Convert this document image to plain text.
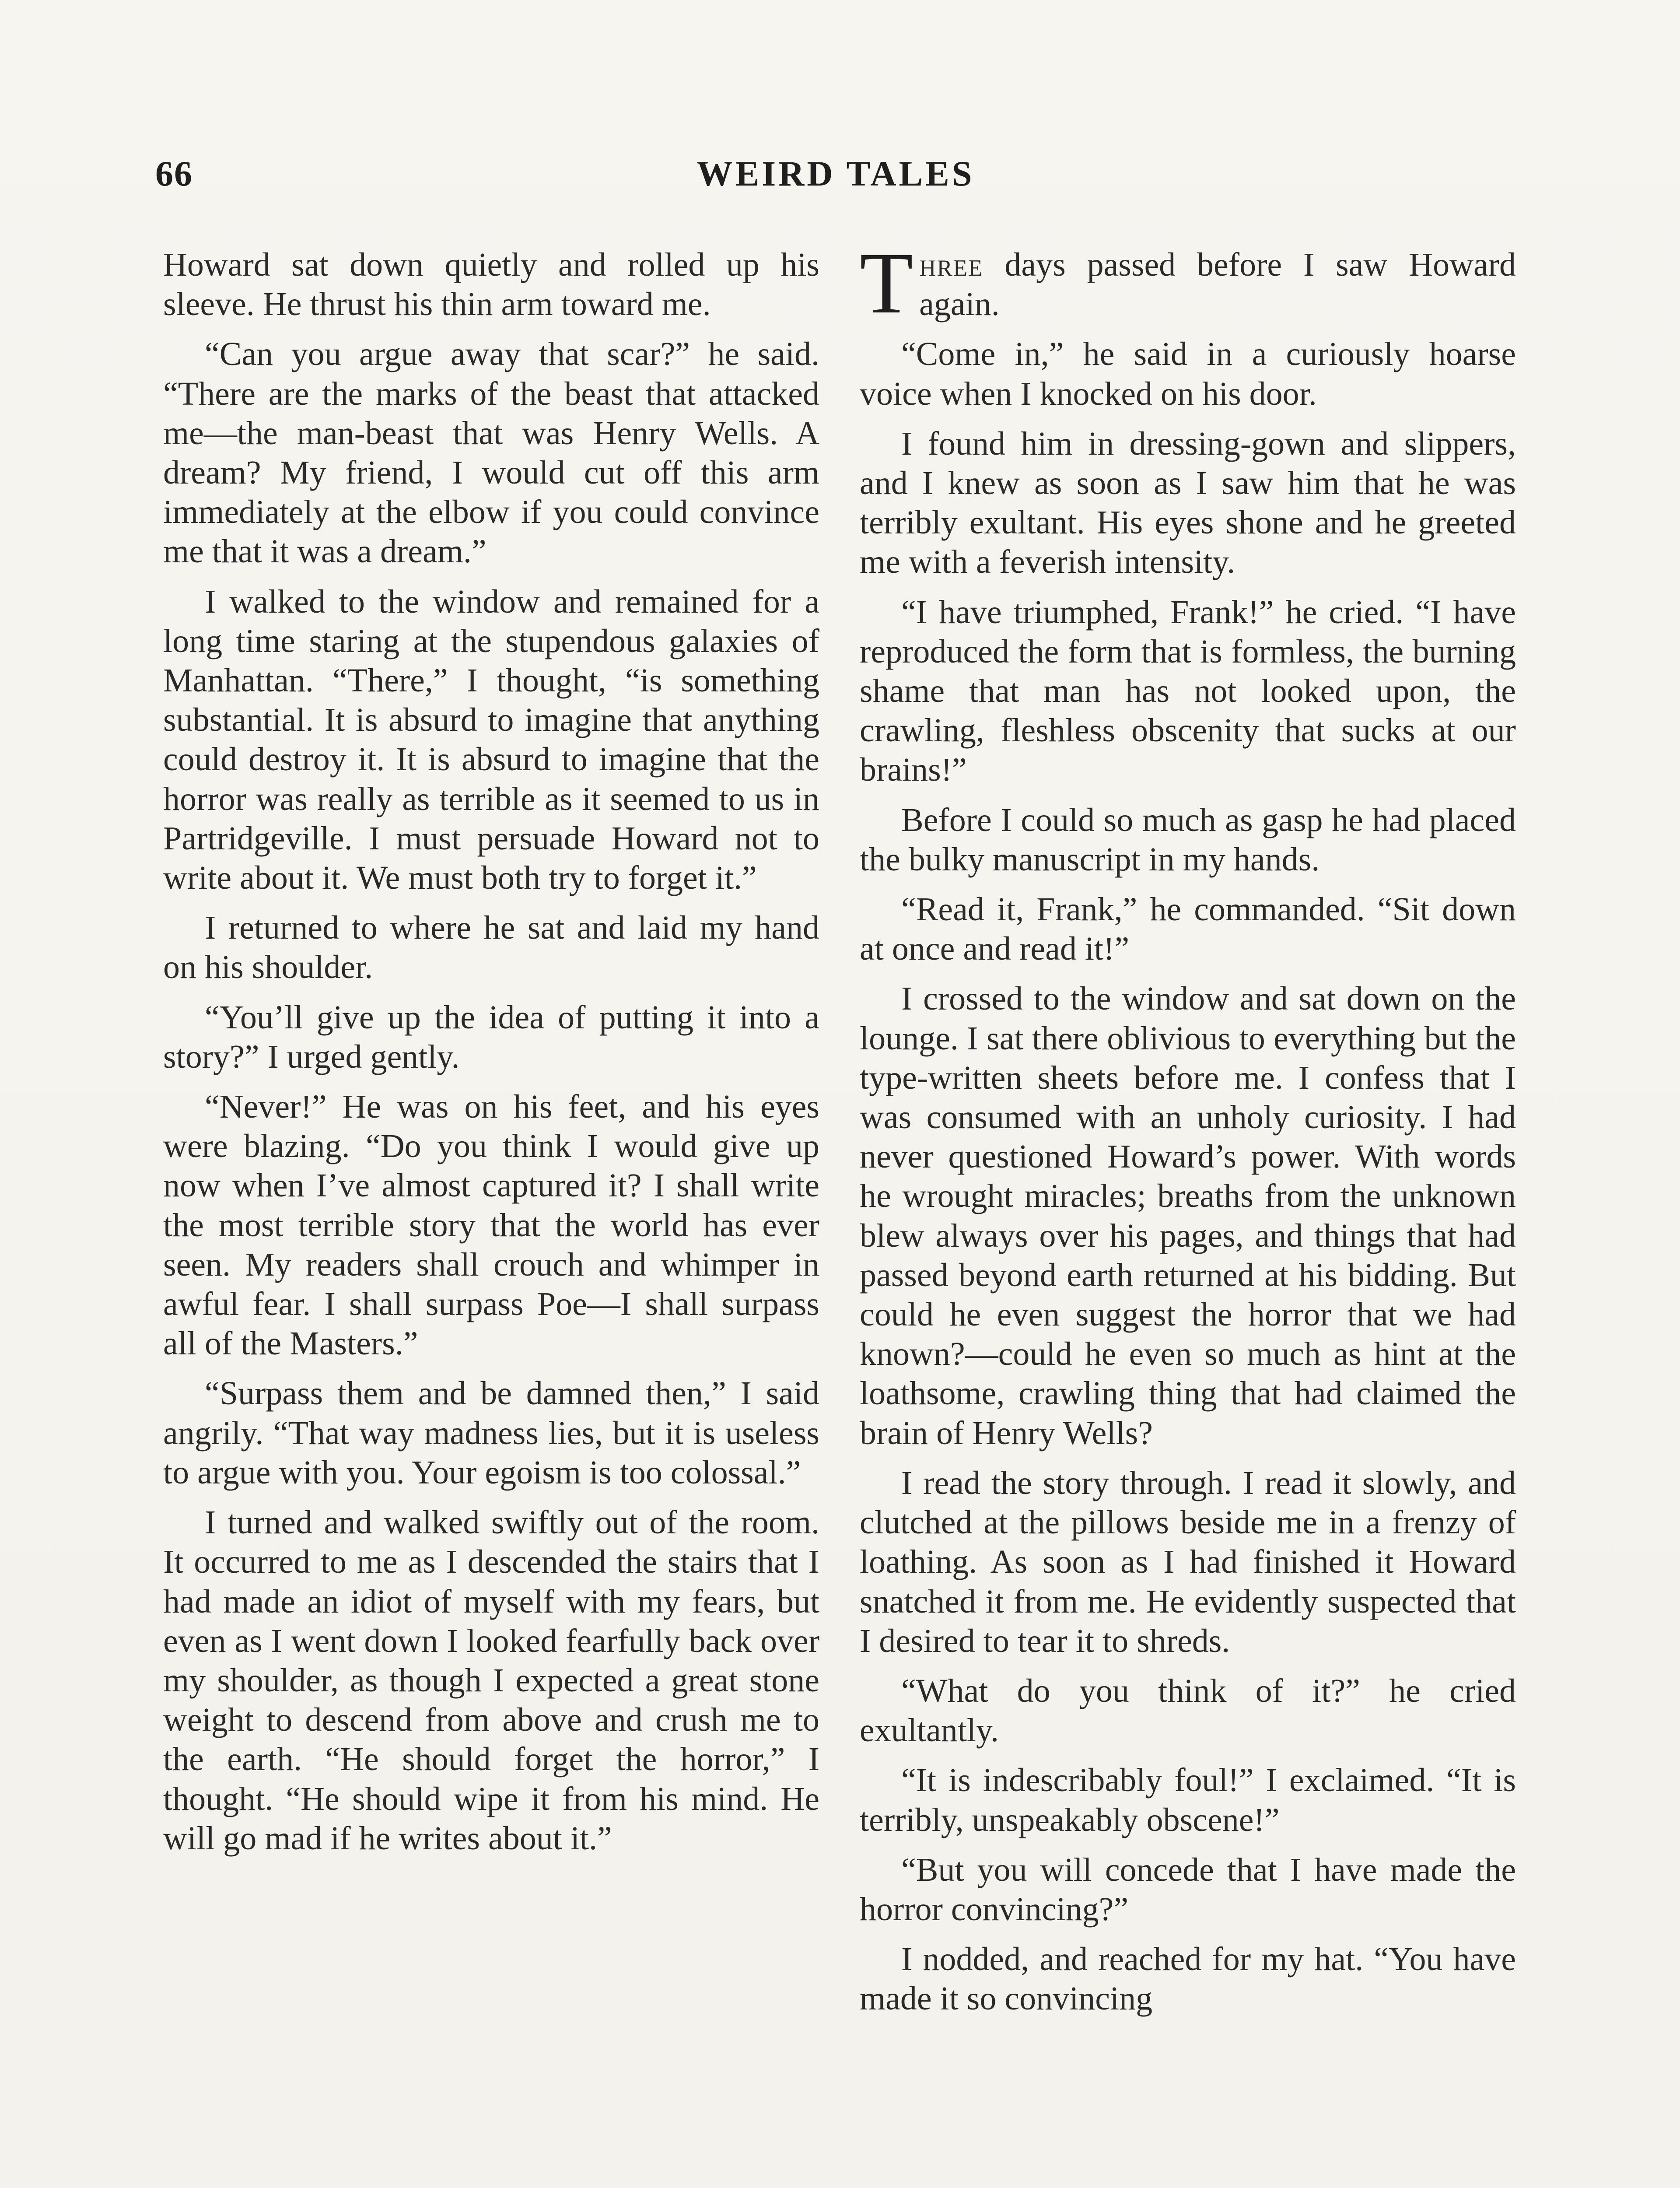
66	WEIRD TALES

Howard sat down quietly and rolled up his sleeve. He thrust his thin arm toward me.

“Can you argue away that scar?” he said. “There are the marks of the beast that attacked me—the man-beast that was Henry Wells. A dream? My friend, I would cut off this arm immediately at the elbow if you could convince me that it was a dream.”

I walked to the window and remained for a long time staring at the stupendous galaxies of Manhattan. “There,” I thought, “is something substantial. It is absurd to imagine that anything could destroy it. It is absurd to imagine that the horror was really as terrible as it seemed to us in Partridgeville. I must persuade Howard not to write about it. We must both try to forget it.”

I returned to where he sat and laid my hand on his shoulder.

“You’ll give up the idea of putting it into a story?” I urged gently.

“Never!” He was on his feet, and his eyes were blazing. “Do you think I would give up now when I’ve almost captured it? I shall write the most terrible story that the world has ever seen. My readers shall crouch and whimper in awful fear. I shall surpass Poe—I shall surpass all of the Masters.”

“Surpass them and be damned then,” I said angrily. “That way madness lies, but it is useless to argue with you. Your egoism is too colossal.”

I turned and walked swiftly out of the room. It occurred to me as I descended the stairs that I had made an idiot of myself with my fears, but even as I went down I looked fearfully back over my shoulder, as though I expected a great stone weight to descend from above and crush me to the earth. “He should forget the horror,” I thought. “He should wipe it from his mind. He will go mad if he writes about it.”

Three days passed before I saw Howard again.

“Come in,” he said in a curiously hoarse voice when I knocked on his door.

I found him in dressing-gown and slippers, and I knew as soon as I saw him that he was terribly exultant. His eyes shone and he greeted me with a feverish intensity.

“I have triumphed, Frank!” he cried. “I have reproduced the form that is formless, the burning shame that man has not looked upon, the crawling, fleshless obscenity that sucks at our brains!”

Before I could so much as gasp he had placed the bulky manuscript in my hands.

“Read it, Frank,” he commanded. “Sit down at once and read it!”

I crossed to the window and sat down on the lounge. I sat there oblivious to everything but the type-written sheets before me. I confess that I was consumed with an unholy curiosity. I had never questioned Howard’s power. With words he wrought miracles; breaths from the unknown blew always over his pages, and things that had passed beyond earth returned at his bidding. But could he even suggest the horror that we had known?—could he even so much as hint at the loathsome, crawling thing that had claimed the brain of Henry Wells?

I read the story through. I read it slowly, and clutched at the pillows beside me in a frenzy of loathing. As soon as I had finished it Howard snatched it from me. He evidently suspected that I desired to tear it to shreds.

“What do you think of it?” he cried exultantly.

“It is indescribably foul!” I exclaimed. “It is terribly, unspeakably obscene!”

“But you will concede that I have made the horror convincing?”

I nodded, and reached for my hat. “You have made it so convincing
